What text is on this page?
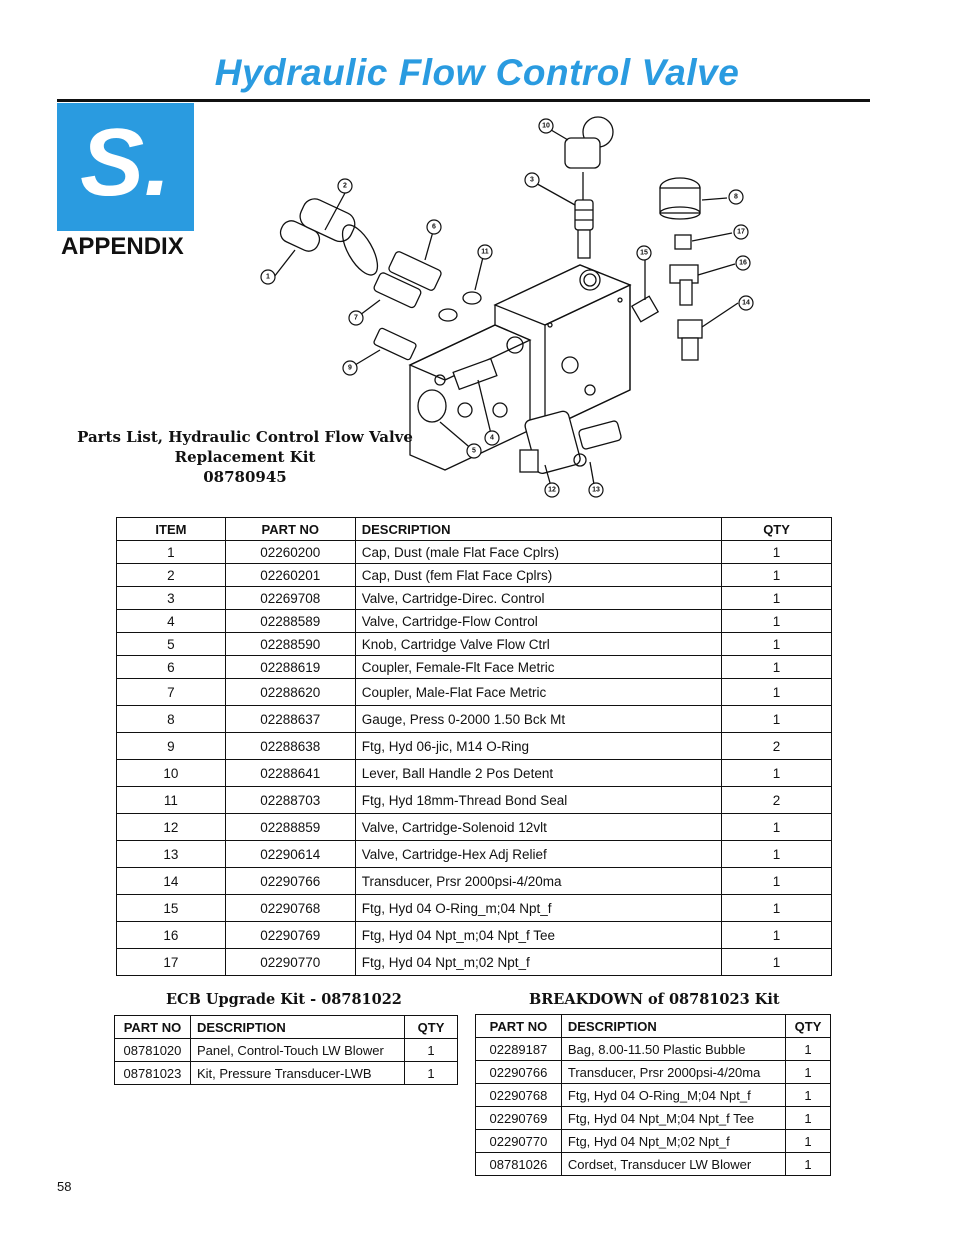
Hydraulic Flow Control Valve
S.
APPENDIX
1
2
3
4
5
6
7
8
9
10
11
12	13
14
15
16
17
Parts List, Hydraulic Control Flow Valve
Replacement Kit
08780945
ITEM	PART NO	DESCRIPTION	QTY
1	02260200	Cap, Dust (male Flat Face Cplrs)	1
2	02260201	Cap, Dust (fem Flat Face Cplrs)	1
3	02269708	Valve, Cartridge-Direc. Control	1
4	02288589	Valve, Cartridge-Flow Control	1
5	02288590	Knob, Cartridge Valve Flow Ctrl	1
6	02288619	Coupler, Female-Flt Face Metric	1
7	02288620	Coupler, Male-Flat Face Metric	1
8	02288637	Gauge, Press 0-2000 1.50 Bck Mt	1
9	02288638	Ftg, Hyd 06-jic, M14 O-Ring	2
10	02288641	Lever, Ball Handle 2 Pos Detent	1
11	02288703	Ftg, Hyd 18mm-Thread Bond Seal	2
12	02288859	Valve, Cartridge-Solenoid 12vlt	1
13	02290614	Valve, Cartridge-Hex Adj Relief	1
14	02290766	Transducer, Prsr 2000psi-4/20ma	1
15	02290768	Ftg, Hyd 04 O-Ring_m;04 Npt_f	1
16	02290769	Ftg, Hyd 04 Npt_m;04 Npt_f Tee	1
17	02290770	Ftg, Hyd 04 Npt_m;02 Npt_f	1
ECB Upgrade Kit - 08781022
PART NO	DESCRIPTION	QTY
08781020	Panel, Control-Touch LW Blower	1
08781023	Kit, Pressure Transducer-LWB	1
BREAKDOWN of 08781023 Kit
PART NO	DESCRIPTION	QTY
02289187	Bag, 8.00-11.50 Plastic Bubble	1
02290766	Transducer, Prsr 2000psi-4/20ma	1
02290768	Ftg, Hyd 04 O-Ring_M;04 Npt_f	1
02290769	Ftg, Hyd 04 Npt_M;04 Npt_f Tee	1
02290770	Ftg, Hyd 04 Npt_M;02 Npt_f	1
08781026	Cordset, Transducer LW Blower	1
58
